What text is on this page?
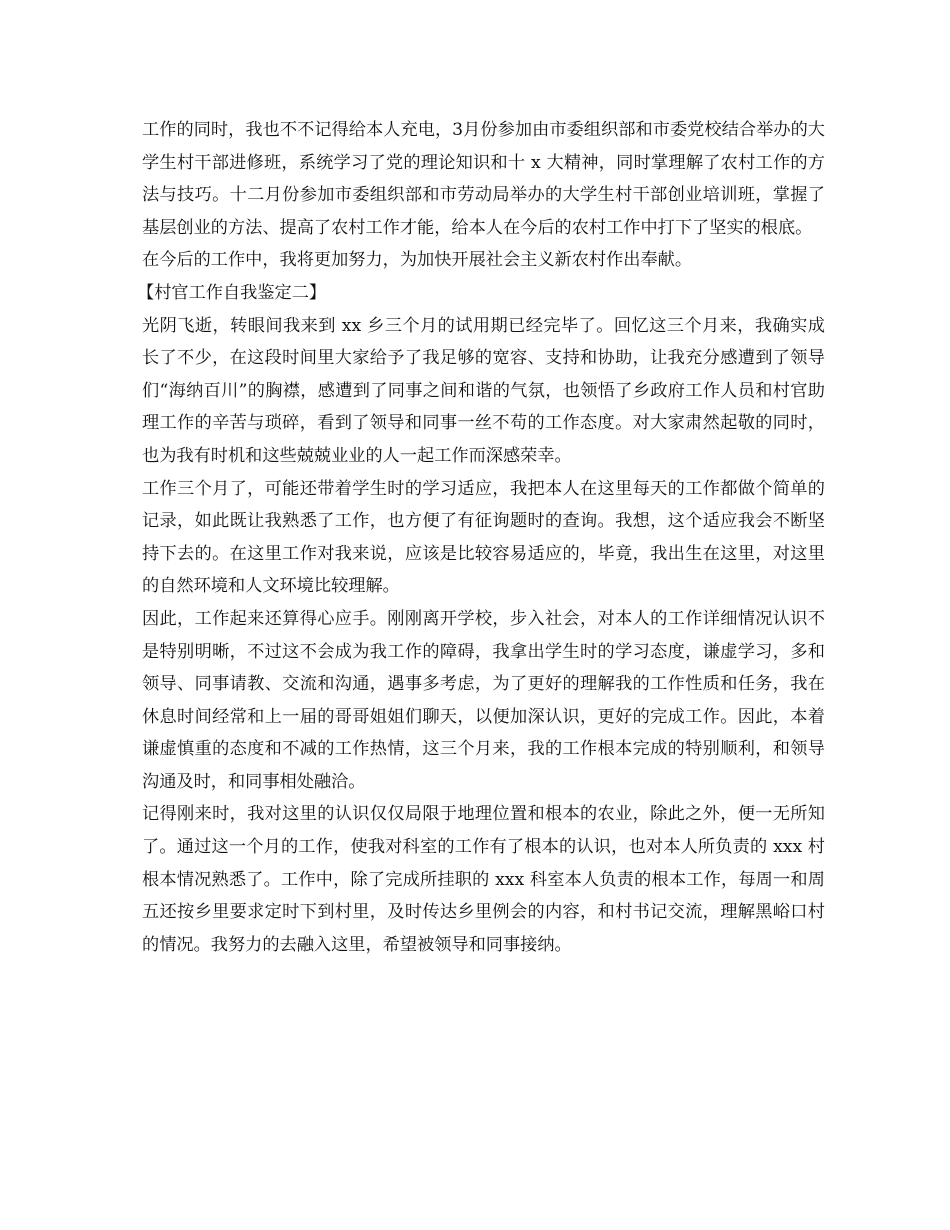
工作的同时，我也不不记得给本人充电，3月份参加由市委组织部和市委党校结合举办的大学生村干部进修班，系统学习了党的理论知识和十 x 大精神，同时掌理解了农村工作的方法与技巧。十二月份参加市委组织部和市劳动局举办的大学生村干部创业培训班，掌握了基层创业的方法、提高了农村工作才能，给本人在今后的农村工作中打下了坚实的根底。

在今后的工作中，我将更加努力，为加快开展社会主义新农村作出奉献。

【村官工作自我鉴定二】

光阴飞逝，转眼间我来到 xx 乡三个月的试用期已经完毕了。回忆这三个月来，我确实成长了不少，在这段时间里大家给予了我足够的宽容、支持和协助，让我充分感遭到了领导们“海纳百川”的胸襟，感遭到了同事之间和谐的气氛，也领悟了乡政府工作人员和村官助理工作的辛苦与琐碎，看到了领导和同事一丝不苟的工作态度。对大家肃然起敬的同时，也为我有时机和这些兢兢业业的人一起工作而深感荣幸。

工作三个月了，可能还带着学生时的学习适应，我把本人在这里每天的工作都做个简单的记录，如此既让我熟悉了工作，也方便了有征询题时的查询。我想，这个适应我会不断坚持下去的。在这里工作对我来说，应该是比较容易适应的，毕竟，我出生在这里，对这里的自然环境和人文环境比较理解。

因此，工作起来还算得心应手。刚刚离开学校，步入社会，对本人的工作详细情况认识不是特别明晰，不过这不会成为我工作的障碍，我拿出学生时的学习态度，谦虚学习，多和领导、同事请教、交流和沟通，遇事多考虑，为了更好的理解我的工作性质和任务，我在休息时间经常和上一届的哥哥姐姐们聊天，以便加深认识，更好的完成工作。因此，本着谦虚慎重的态度和不减的工作热情，这三个月来，我的工作根本完成的特别顺利，和领导沟通及时，和同事相处融洽。

记得刚来时，我对这里的认识仅仅局限于地理位置和根本的农业，除此之外，便一无所知了。通过这一个月的工作，使我对科室的工作有了根本的认识，也对本人所负责的 xxx 村根本情况熟悉了。工作中，除了完成所挂职的 xxx 科室本人负责的根本工作，每周一和周五还按乡里要求定时下到村里，及时传达乡里例会的内容，和村书记交流，理解黑峪口村的情况。我努力的去融入这里，希望被领导和同事接纳。
